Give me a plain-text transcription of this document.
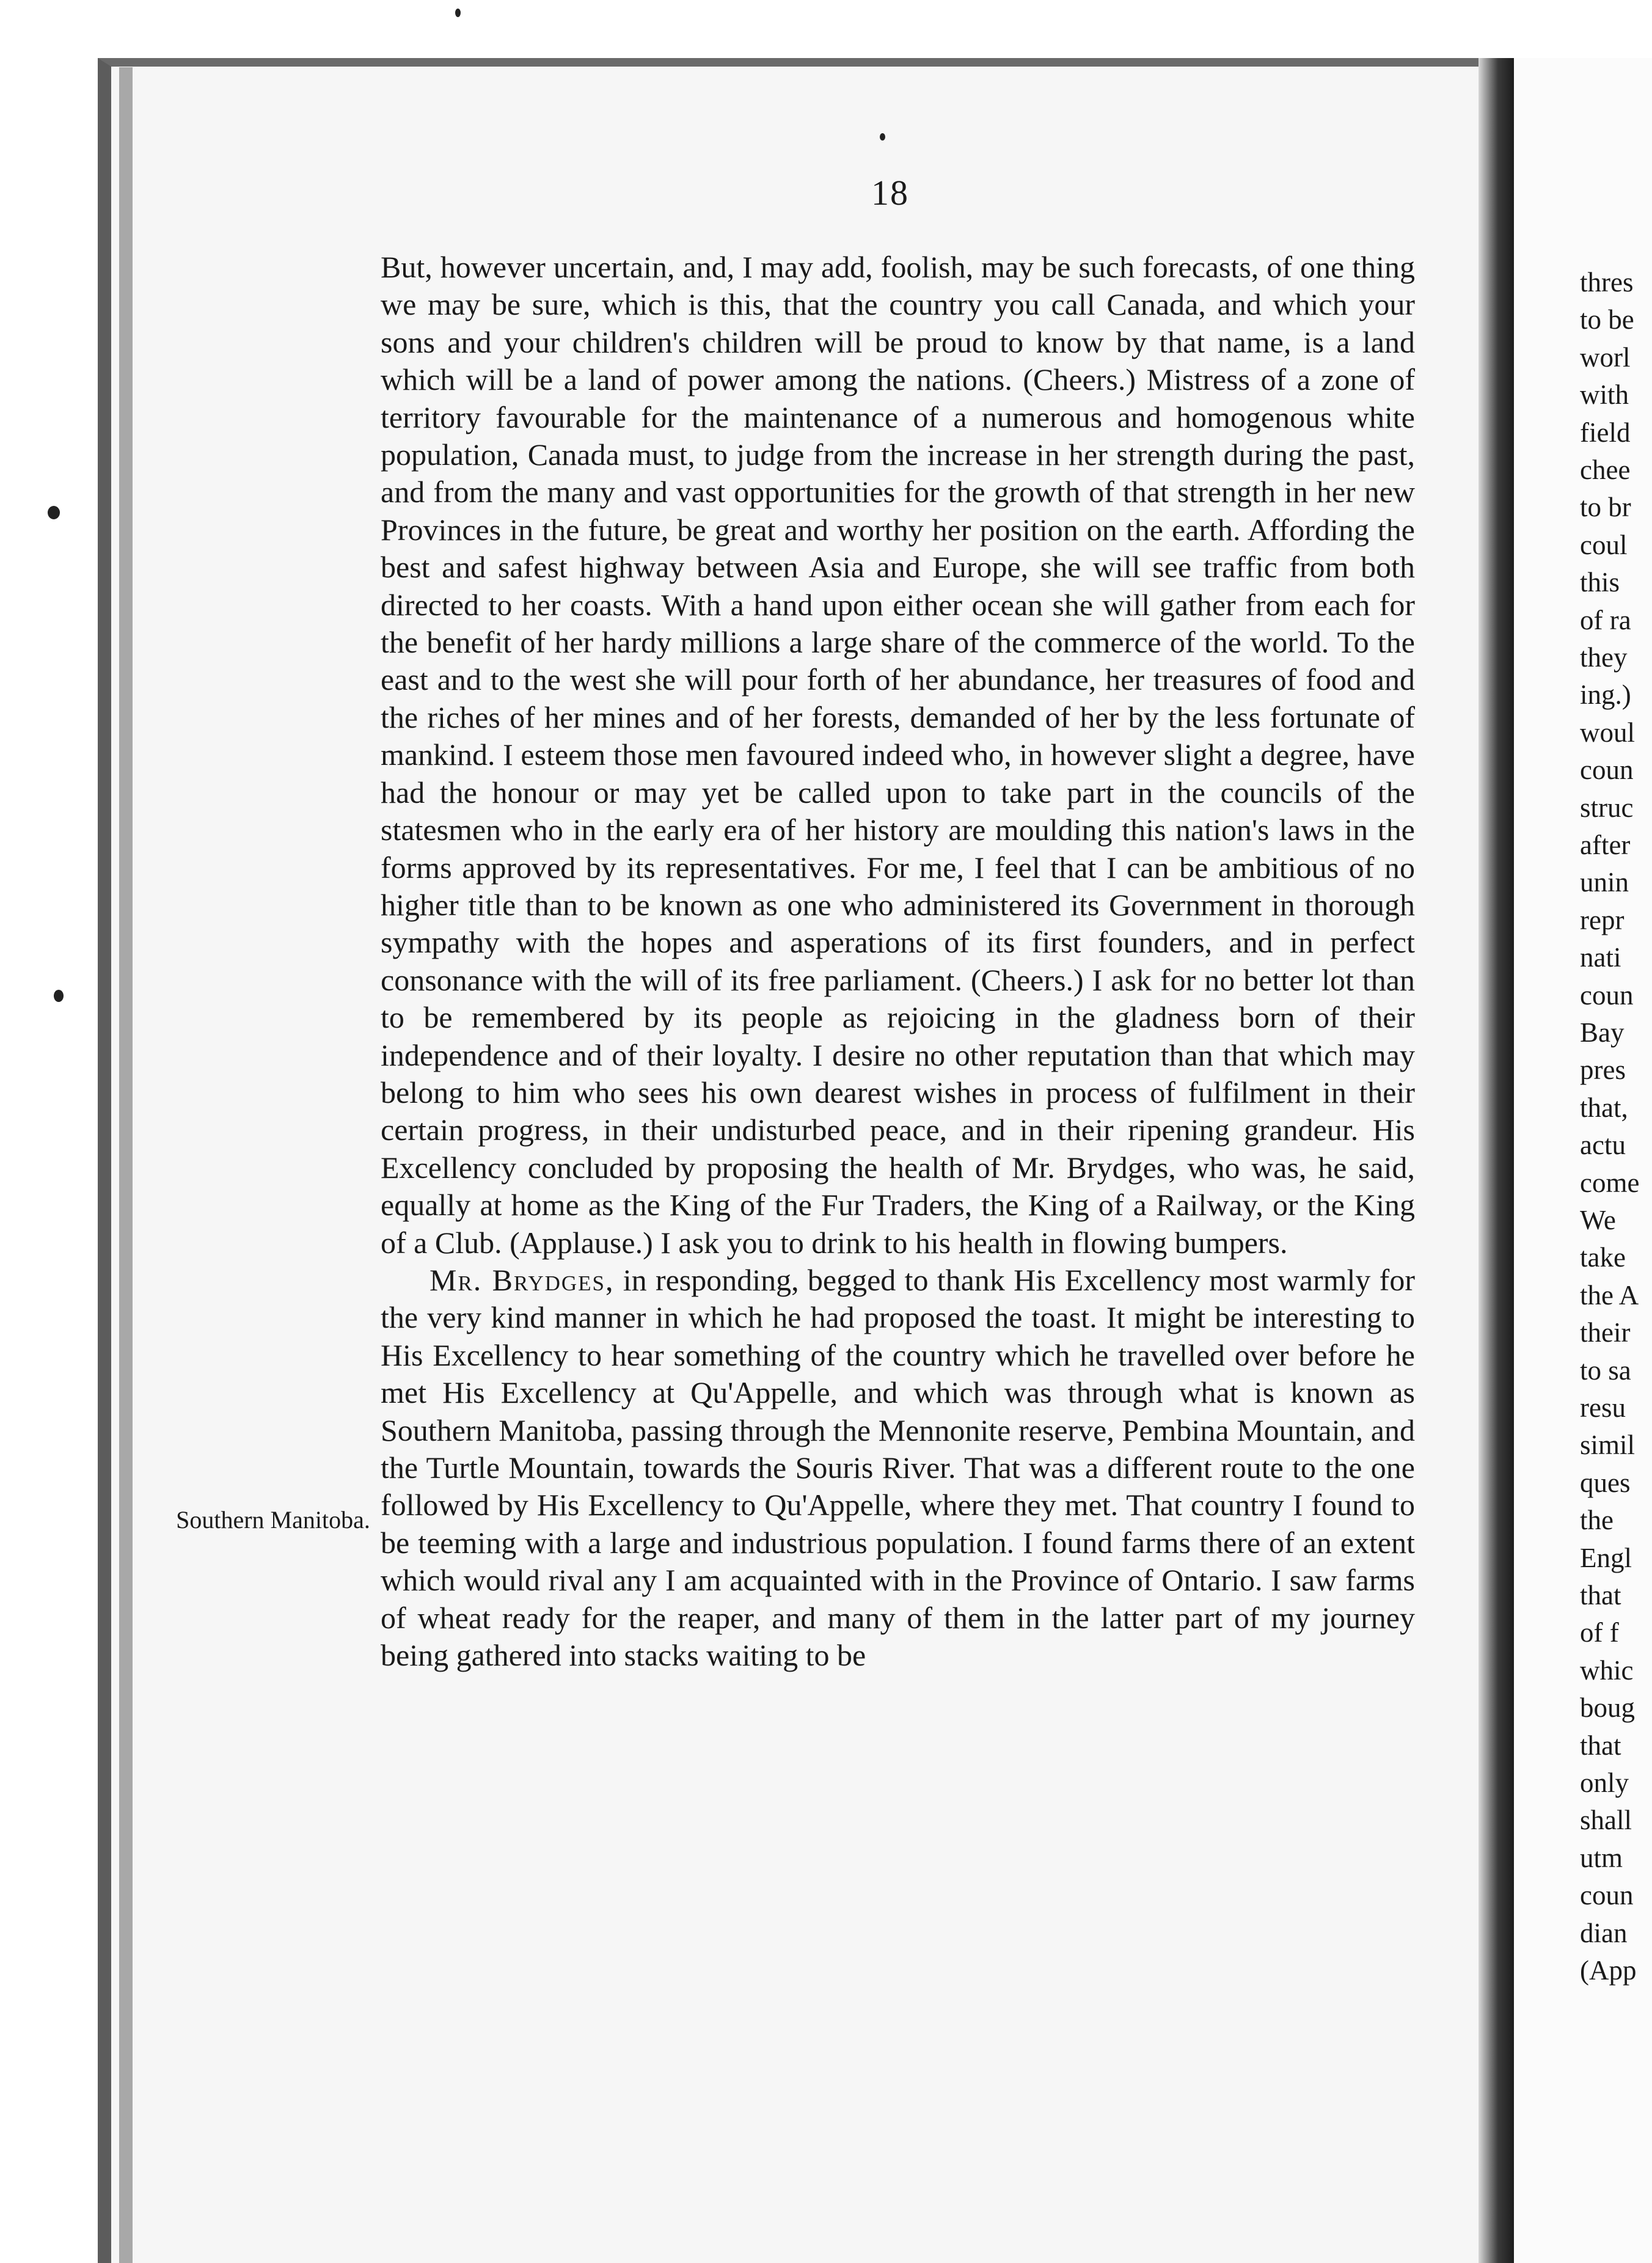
18
Southern Manitoba.

But, however uncertain, and, I may add, foolish, may be such forecasts, of one thing we may be sure, which is this, that the country you call Canada, and which your sons and your children's children will be proud to know by that name, is a land which will be a land of power among the nations. (Cheers.) Mistress of a zone of territory favourable for the maintenance of a numerous and homogenous white population, Canada must, to judge from the increase in her strength during the past, and from the many and vast opportunities for the growth of that strength in her new Provinces in the future, be great and worthy her position on the earth. Affording the best and safest highway between Asia and Europe, she will see traffic from both directed to her coasts. With a hand upon either ocean she will gather from each for the benefit of her hardy millions a large share of the commerce of the world. To the east and to the west she will pour forth of her abundance, her treasures of food and the riches of her mines and of her forests, demanded of her by the less fortunate of mankind. I esteem those men favoured indeed who, in however slight a degree, have had the honour or may yet be called upon to take part in the councils of the statesmen who in the early era of her history are moulding this nation's laws in the forms approved by its representatives. For me, I feel that I can be ambitious of no higher title than to be known as one who administered its Government in thorough sympathy with the hopes and asperations of its first founders, and in perfect consonance with the will of its free parliament. (Cheers.) I ask for no better lot than to be remembered by its people as rejoicing in the gladness born of their independence and of their loyalty. I desire no other reputation than that which may belong to him who sees his own dearest wishes in process of fulfilment in their certain progress, in their undisturbed peace, and in their ripening grandeur. His Excellency concluded by proposing the health of Mr. Brydges, who was, he said, equally at home as the King of the Fur Traders, the King of a Railway, or the King of a Club. (Applause.) I ask you to drink to his health in flowing bumpers.

Mr. Brydges, in responding, begged to thank His Excellency most warmly for the very kind manner in which he had proposed the toast. It might be interesting to His Excellency to hear something of the country which he travelled over before he met His Excellency at Qu'Appelle, and which was through what is known as Southern Manitoba, passing through the Mennonite reserve, Pembina Mountain, and the Turtle Mountain, towards the Souris River. That was a different route to the one followed by His Excellency to Qu'Appelle, where they met. That country I found to be teeming with a large and industrious population. I found farms there of an extent which would rival any I am acquainted with in the Province of Ontario. I saw farms of wheat ready for the reaper, and many of them in the latter part of my journey being gathered into stacks waiting to be

thres
to be
worl
with
field
chee
to br
coul
this
of ra
they
ing.)
woul
coun
struc
after
unin
repr
nati
coun
Bay
pres
that,
actu
come
We
take
the A
their
to sa
resu
simil
ques
the
Engl
that
of f
whic
boug
that
only
shall
utm
coun
dian
(App
